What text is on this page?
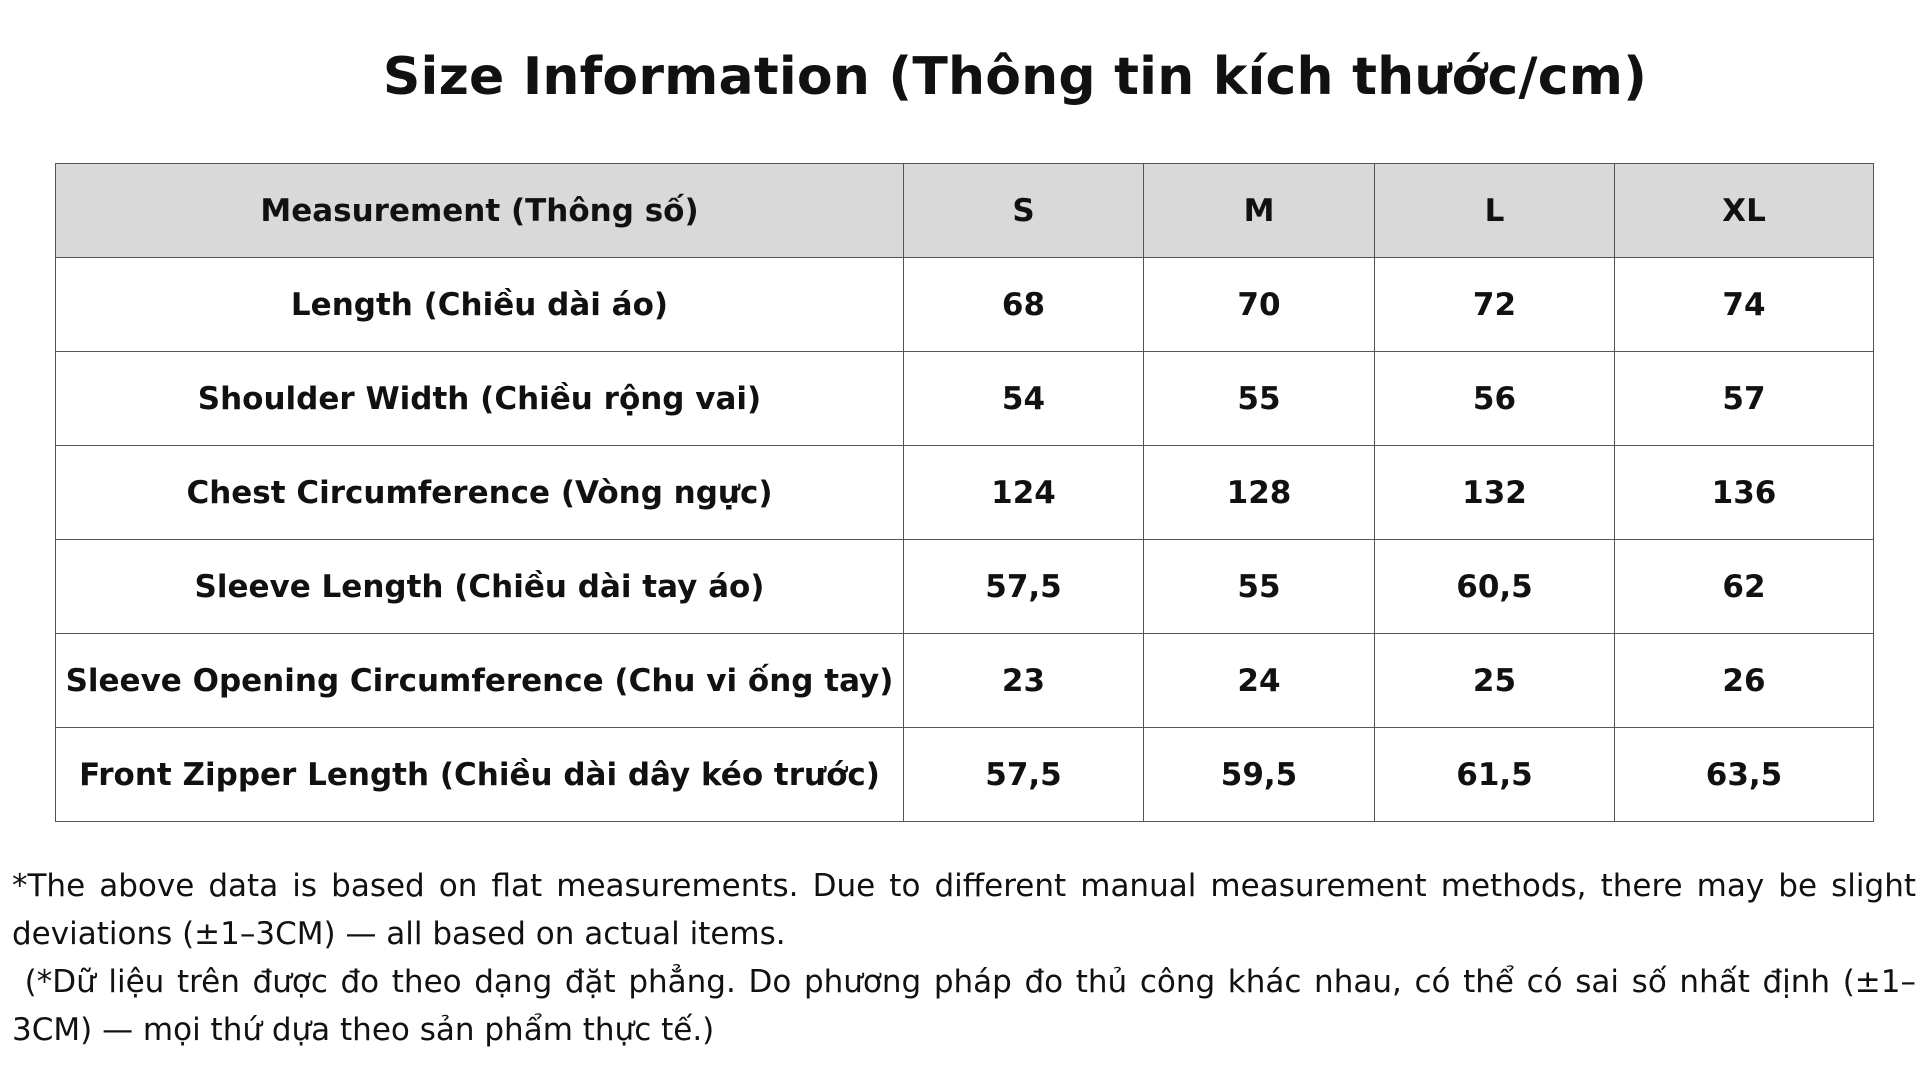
Size Information (Thông tin kích thước/cm)
Measurement (Thông số)	S	M	L	XL
Length (Chiều dài áo)	68	70	72	74
Shoulder Width (Chiều rộng vai)	54	55	56	57
Chest Circumference (Vòng ngực)	124	128	132	136
Sleeve Length (Chiều dài tay áo)	57,5	55	60,5	62
Sleeve Opening Circumference (Chu vi ống tay)	23	24	25	26
Front Zipper Length (Chiều dài dây kéo trước)	57,5	59,5	61,5	63,5

*The above data is based on flat measurements. Due to different manual measurement methods, there may be slight deviations (±1–3CM) — all based on actual items.

(*Dữ liệu trên được đo theo dạng đặt phẳng. Do phương pháp đo thủ công khác nhau, có thể có sai số nhất định (±1–3CM) — mọi thứ dựa theo sản phẩm thực tế.)
